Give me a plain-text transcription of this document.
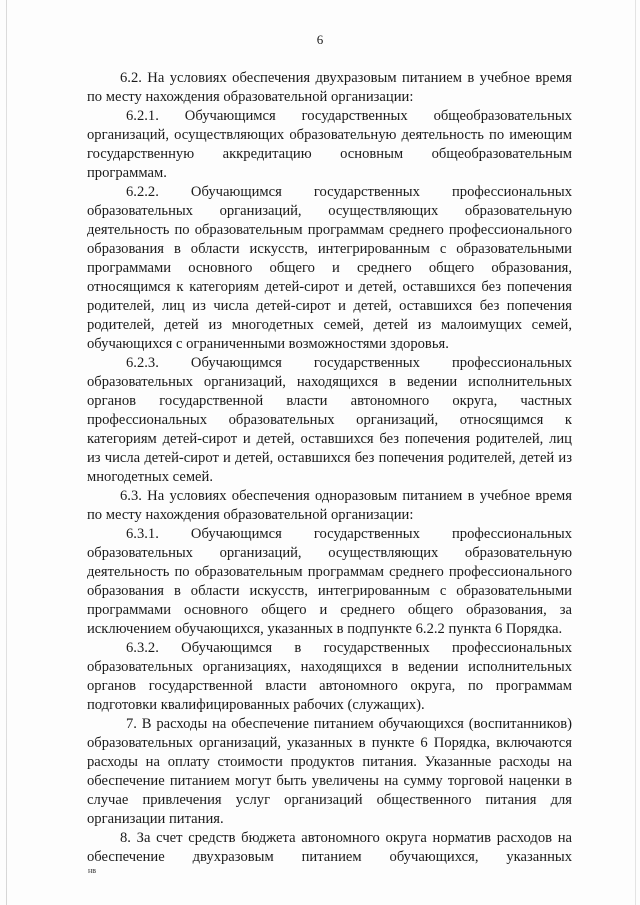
6

6.2. На условиях обеспечения двухразовым питанием в учебное время по месту нахождения образовательной организации:

6.2.1. Обучающимся государственных общеобразовательных организаций, осуществляющих образовательную деятельность по имеющим государственную аккредитацию основным общеобразовательным программам.

6.2.2. Обучающимся государственных профессиональных образовательных организаций, осуществляющих образовательную деятельность по образовательным программам среднего профессионального образования в области искусств, интегрированным с образовательными программами основного общего и среднего общего образования, относящимся к категориям детей-сирот и детей, оставшихся без попечения родителей, лиц из числа детей-сирот и детей, оставшихся без попечения родителей, детей из многодетных семей, детей из малоимущих семей, обучающихся с ограниченными возможностями здоровья.

6.2.3. Обучающимся государственных профессиональных образовательных организаций, находящихся в ведении исполнительных органов государственной власти автономного округа, частных профессиональных образовательных организаций, относящимся к категориям детей-сирот и детей, оставшихся без попечения родителей, лиц из числа детей-сирот и детей, оставшихся без попечения родителей, детей из многодетных семей.

6.3. На условиях обеспечения одноразовым питанием в учебное время по месту нахождения образовательной организации:

6.3.1. Обучающимся государственных профессиональных образовательных организаций, осуществляющих образовательную деятельность по образовательным программам среднего профессионального образования в области искусств, интегрированным с образовательными программами основного общего и среднего общего образования, за исключением обучающихся, указанных в подпункте 6.2.2 пункта 6 Порядка.

6.3.2. Обучающимся в государственных профессиональных образовательных организациях, находящихся в ведении исполнительных органов государственной власти автономного округа, по программам подготовки квалифицированных рабочих (служащих).

7. В расходы на обеспечение питанием обучающихся (воспитанников) образовательных организаций, указанных в пункте 6 Порядка, включаются расходы на оплату стоимости продуктов питания. Указанные расходы на обеспечение питанием могут быть увеличены на сумму торговой наценки в случае привлечения услуг организаций общественного питания для организации питания.

8. За счет средств бюджета автономного округа норматив расходов на обеспечение двухразовым питанием обучающихся, указанных

нв
